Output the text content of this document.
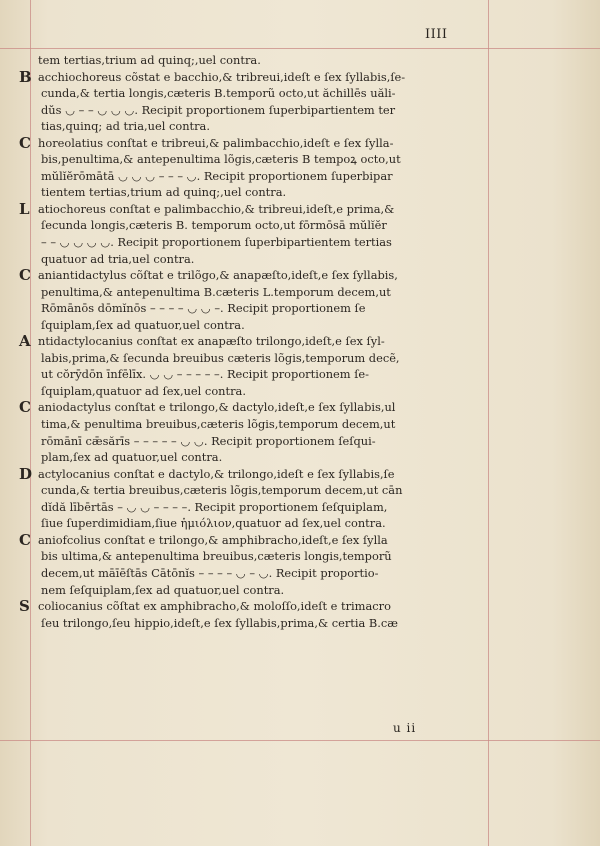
IIII
tem tertias,trium ad quinq;,uel contra.
B acchiochoreus cõstat e bacchio,& tribreui,ideſt e ſex ſyllabis,ſe-
cunda,& tertia longis,cæteris B.temporũ octo,ut ăchillēs uăli-
dŭs ◡ – – ◡ ◡ ◡. Recipit proportionem ſuperbipartientem ter
tias,quinq; ad tria,uel contra.
C horeolatius conſtat e tribreui,& palimbacchio,ideſt e ſex ſylla-
bis,penultima,& antepenultima lõgis,cæteris B tempoꝝ octo,ut
mŭlĭĕrōmātā ◡ ◡ ◡ – – – ◡. Recipit proportionem ſuperbipar
tientem tertias,trium ad quinq;,uel contra.
L atiochoreus conſtat e palimbacchio,& tribreui,ideſt,e prima,&
ſecunda longis,cæteris B. temporum octo,ut fōrmōsā mŭlĭĕr
– – ◡ ◡ ◡ ◡. Recipit proportionem ſuperbipartientem tertias
quatuor ad tria,uel contra.
C aniantidactylus cõſtat e trilõgo,& anapæſto,ideſt,e ſex ſyllabis,
penultima,& antepenultima B.cæteris L.temporum decem,ut
Rōmānōs dōmĭnōs – – – – ◡ ◡ –. Recipit proportionem ſe
ſquiplam,ſex ad quatuor,uel contra.
A ntidactylocanius conſtat ex anapæſto trilongo,ideſt,e ſex ſyl-
labis,prima,& ſecunda breuibus cæteris lõgis,temporum decẽ,
ut cŏrȳdōn īnfēlīx. ◡ ◡ – – – – –. Recipit proportionem ſe-
ſquiplam,quatuor ad ſex,uel contra.
C aniodactylus conſtat e trilongo,& dactylo,ideſt,e ſex ſyllabis,ul
tima,& penultima breuibus,cæteris lõgis,temporum decem,ut
rōmānī cǣsărīs – – – – – ◡ ◡. Recipit proportionem ſeſqui-
plam,ſex ad quatuor,uel contra.
D actylocanius conſtat e dactylo,& trilongo,ideſt e ſex ſyllabis,ſe
cunda,& tertia breuibus,cæteris lõgis,temporum decem,ut cān
dĭdă lībērtās – ◡ ◡ – – – –. Recipit proportionem ſeſquiplam,
ſiue ſuperdimidiam,ſiue ἡμιόλιον,quatuor ad ſex,uel contra.
C aniofcolius conſtat e trilongo,& amphibracho,ideſt,e ſex ſylla
bis ultima,& antepenultima breuibus,cæteris longis,temporũ
decem,ut māīēſtās Cātōnĭs – – – – ◡ – ◡. Recipit proportio-
nem ſeſquiplam,ſex ad quatuor,uel contra.
S coliocanius cõſtat ex amphibracho,& moloſſo,ideſt e trimacro
ſeu trilongo,ſeu hippio,ideſt,e ſex ſyllabis,prima,& certia B.cæ
u ii
